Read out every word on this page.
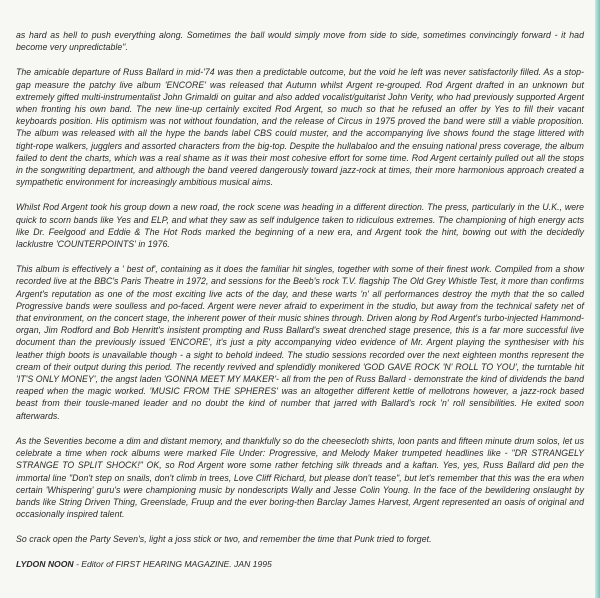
as hard as hell to push everything along. Sometimes the ball would simply move from side to side, sometimes convincingly forward - it had become very unpredictable".

The amicable departure of Russ Ballard in mid-'74 was then a predictable outcome, but the void he left was never satisfactorily filled. As a stop-gap measure the patchy live album 'ENCORE' was released that Autumn whilst Argent re-grouped. Rod Argent drafted in an unknown but extremely gifted multi-instrumentalist John Grimaldi on guitar and also added vocalist/guitarist John Verity, who had previously supported Argent when fronting his own band. The new line-up certainly excited Rod Argent, so much so that he refused an offer by Yes to fill their vacant keyboards position. His optimism was not without foundation, and the release of Circus in 1975 proved the band were still a viable proposition. The album was released with all the hype the bands label CBS could muster, and the accompanying live shows found the stage littered with tight-rope walkers, jugglers and assorted characters from the big-top. Despite the hullabaloo and the ensuing national press coverage, the album failed to dent the charts, which was a real shame as it was their most cohesive effort for some time. Rod Argent certainly pulled out all the stops in the songwriting department, and although the band veered dangerously toward jazz-rock at times, their more harmonious approach created a sympathetic environment for increasingly ambitious musical aims.

Whilst Rod Argent took his group down a new road, the rock scene was heading in a different direction. The press, particularly in the U.K., were quick to scorn bands like Yes and ELP, and what they saw as self indulgence taken to ridiculous extremes. The championing of high energy acts like Dr. Feelgood and Eddie & The Hot Rods marked the beginning of a new era, and Argent took the hint, bowing out with the decidedly lacklustre 'COUNTERPOINTS' in 1976.

This album is effectively a ' best of', containing as it does the familiar hit singles, together with some of their finest work. Compiled from a show recorded live at the BBC's Paris Theatre in 1972, and sessions for the Beeb's rock T.V. flagship The Old Grey Whistle Test, it more than confirms Argent's reputation as one of the most exciting live acts of the day, and these warts 'n' all performances destroy the myth that the so called Progressive bands were soulless and po-faced. Argent were never afraid to experiment in the studio, but away from the technical safety net of that environment, on the concert stage, the inherent power of their music shines through. Driven along by Rod Argent's turbo-injected Hammond-organ, Jim Rodford and Bob Henritt's insistent prompting and Russ Ballard's sweat drenched stage presence, this is a far more successful live document than the previously issued 'ENCORE', it's just a pity accompanying video evidence of Mr. Argent playing the synthesiser with his leather thigh boots is unavailable though - a sight to behold indeed. The studio sessions recorded over the next eighteen months represent the cream of their output during this period. The recently revived and splendidly monikered 'GOD GAVE ROCK 'N' ROLL TO YOU', the turntable hit 'IT'S ONLY MONEY', the angst laden 'GONNA MEET MY MAKER'- all from the pen of Russ Ballard - demonstrate the kind of dividends the band reaped when the magic worked. 'MUSIC FROM THE SPHERES' was an altogether different kettle of mellotrons however, a jazz-rock based beast from their tousle-maned leader and no doubt the kind of number that jarred with Ballard's rock 'n' roll sensibilities. He exited soon afterwards.

As the Seventies become a dim and distant memory, and thankfully so do the cheesecloth shirts, loon pants and fifteen minute drum solos, let us celebrate a time when rock albums were marked File Under: Progressive, and Melody Maker trumpeted headlines like - "DR STRANGELY STRANGE TO SPLIT SHOCK!" OK, so Rod Argent wore some rather fetching silk threads and a kaftan. Yes, yes, Russ Ballard did pen the immortal line "Don't step on snails, don't climb in trees, Love Cliff Richard, but please don't tease", but let's remember that this was the era when certain 'Whispering' guru's were championing music by nondescripts Wally and Jesse Colin Young. In the face of the bewildering onslaught by bands like String Driven Thing, Greenslade, Fruup and the ever boring-then Barclay James Harvest, Argent represented an oasis of original and occasionally inspired talent.

So crack open the Party Seven's, light a joss stick or two, and remember the time that Punk tried to forget.

LYDON NOON - Editor of FIRST HEARING MAGAZINE. JAN 1995
